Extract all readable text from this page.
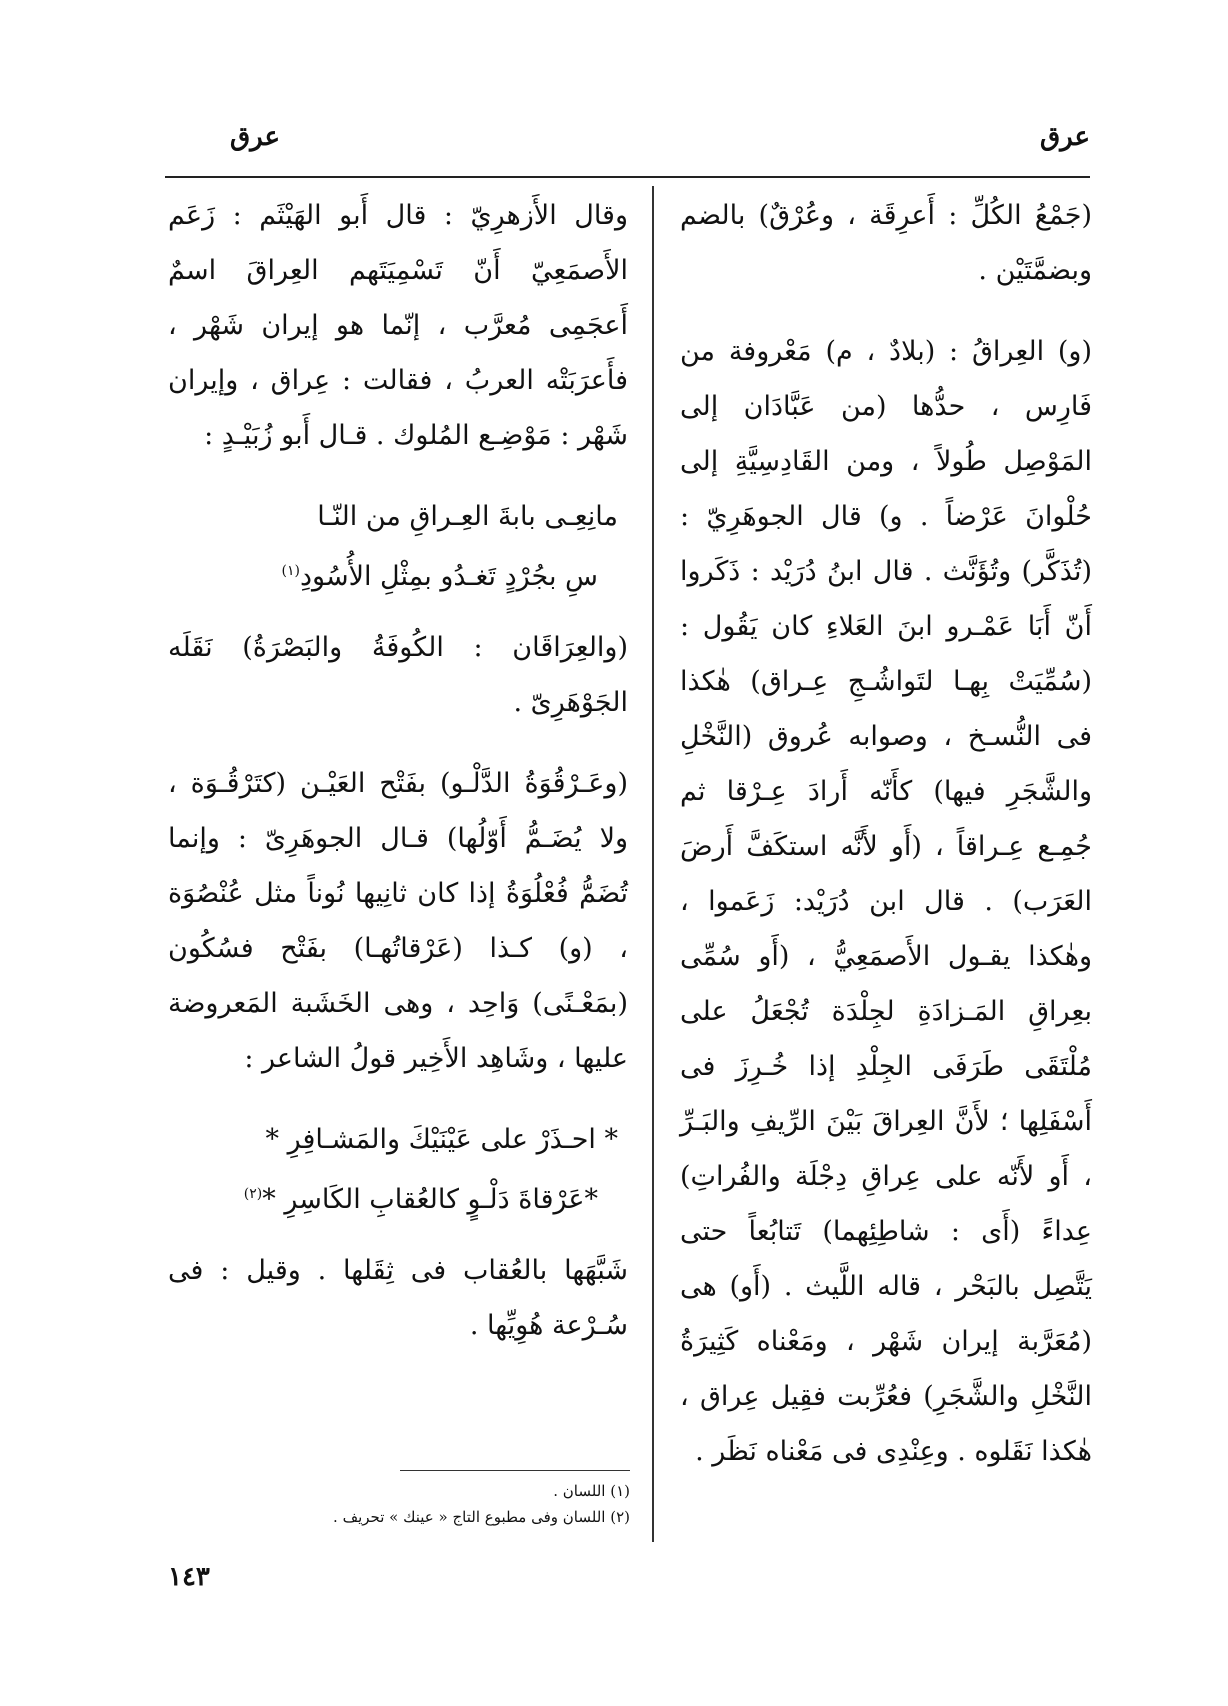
عرق
عرق

(جَمْعُ الكُلِّ : أَعرِقَة ، وعُرْقٌ) بالضم وبضمَّتَيْن .

(و) العِراقُ : (بلادٌ ، م) مَعْروفة من فَارِس ، حدُّها (من عَبَّادَان إلى المَوْصِل طُولاً ، ومن القَادِسِيَّةِ إلى حُلْوانَ عَرْضاً . و) قال الجوهَرِيّ : (تُذَكَّر) وتُؤَنَّث . قال ابنُ دُرَيْد : ذَكَروا أَنّ أَبَا عَمْـرو ابنَ العَلاءِ كان يَقُول : (سُمِّيَتْ بِهـا لتَواشُـجِ عِـراق) هٰكذا فى النُّسـخ ، وصوابه عُروق (النَّخْلِ والشَّجَرِ فيها) كأَنّه أَرادَ عِـرْقا ثم جُمِـع عِـراقاً ، (أَو لأَنَّه استكَفَّ أَرضَ العَرَب) . قال ابن دُرَيْد: زَعَموا ، وهٰكذا يقـول الأَصمَعِيُّ ، (أَو سُمِّى بعِراقِ المَـزادَةِ لجِلْدَة تُجْعَلُ على مُلْتَقَى طَرَفَى الجِلْدِ إذا خُـرِزَ فى أَسْفَلِها ؛ لأَنَّ العِراقَ بَيْنَ الرِّيفِ والبَـرِّ ، أَو لأَنّه على عِراقِ دِجْلَة والفُراتِ) عِداءً (أَى : شاطِئِهما) تَتابُعاً حتى يَتَّصِل بالبَحْر ، قاله اللَّيث . (أَو) هى (مُعَرَّبة إيران شَهْر ، ومَعْناه كَثِيرَةُ النَّخْلِ والشَّجَرِ) فعُرِّبت فقِيل عِراق ، هٰكذا نَقَلوه . وعِنْدِى فى مَعْناه نَظَر .

وقال الأَزهرِيّ : قال أَبو الهَيْثَم : زَعَم الأَصمَعِيّ أَنّ تَسْمِيَتَهم العِراقَ اسمٌ أَعجَمِى مُعرَّب ، إنّما هو إيران شَهْر ، فأَعرَبَتْه العربُ ، فقالت : عِراق ، وإيران شَهْر : مَوْضِـع المُلوك . قـال أَبو زُبَيْـدٍ :

مانِعِـى بابةَ العِـراقِ من النّـا
سِ بجُرْدٍ تَغـدُو بمِثْلِ الأُسُودِ$^{(١)}$

(والعِرَاقَان : الكُوفَةُ والبَصْرَةُ) نَقَلَه الجَوْهَرِىّ .

(وعَـرْقُوَةُ الدَّلْـو) بفَتْح العَيْـن (كتَرْقُـوَة ، ولا يُضَـمُّ أَوّلُها) قـال الجوهَرِىّ : وإنما تُضَمُّ فُعْلُوَةُ إذا كان ثانِيها نُوناً مثل عُنْصُوَة ، (و) كـذا (عَرْقاتُهـا) بفَتْح فسُكُون (بمَعْـنًى) وَاحِد ، وهى الخَشَبة المَعروضة عليها ، وشَاهِد الأَخِير قولُ الشاعر :

* احـذَرْ على عَيْنَيْكَ والمَشـافِرِ *
*عَرْقاةَ دَلْـوٍ كالعُقابِ الكَاسِرِ *$^{(٢)}$

شَبَّهَها بالعُقاب فى ثِقَلها . وقيل : فى سُـرْعة هُوِيِّها .

(١) اللسان .
(٢) اللسان وفى مطبوع التاج « عينك » تحريف .
١٤٣
